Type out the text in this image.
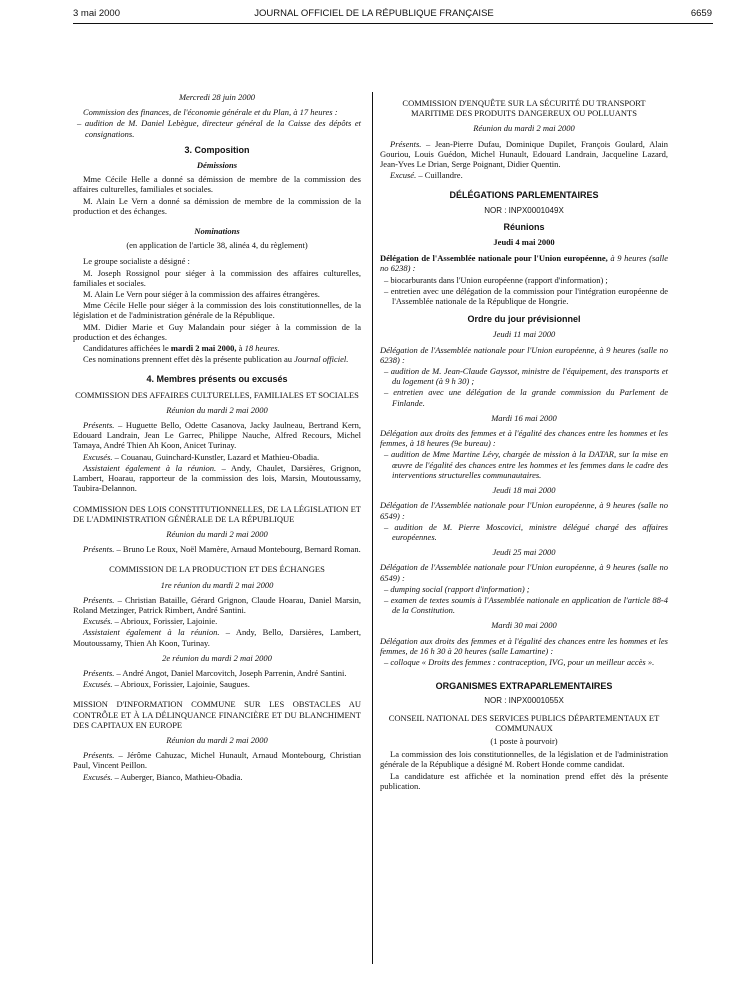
3 mai 2000	JOURNAL OFFICIEL DE LA RÉPUBLIQUE FRANÇAISE	6659
Mercredi 28 juin 2000

Commission des finances, de l'économie générale et du Plan, à 17 heures :

– audition de M. Daniel Lebègue, directeur général de la Caisse des dépôts et consignations.

3. Composition
Démissions

Mme Cécile Helle a donné sa démission de membre de la commission des affaires culturelles, familiales et sociales.

M. Alain Le Vern a donné sa démission de membre de la commission de la production et des échanges.

Nominations

(en application de l'article 38, alinéa 4, du règlement)

Le groupe socialiste a désigné :

M. Joseph Rossignol pour siéger à la commission des affaires culturelles, familiales et sociales.

M. Alain Le Vern pour siéger à la commission des affaires étrangères.

Mme Cécile Helle pour siéger à la commission des lois constitutionnelles, de la législation et de l'administration générale de la République.

MM. Didier Marie et Guy Malandain pour siéger à la commission de la production et des échanges.

Candidatures affichées le mardi 2 mai 2000, à 18 heures.

Ces nominations prennent effet dès la présente publication au Journal officiel.

4. Membres présents ou excusés

COMMISSION DES AFFAIRES CULTURELLES, FAMILIALES ET SOCIALES

Réunion du mardi 2 mai 2000

Présents. – Huguette Bello, Odette Casanova, Jacky Jaulneau, Bertrand Kern, Edouard Landrain, Jean Le Garrec, Philippe Nauche, Alfred Recours, Michel Tamaya, André Thien Ah Koon, Anicet Turinay.

Excusés. – Couanau, Guinchard-Kunstler, Lazard et Mathieu-Obadia.

Assistaient également à la réunion. – Andy, Chaulet, Darsières, Grignon, Lambert, Hoarau, rapporteur de la commission des lois, Marsin, Moutoussamy, Taubira-Delannon.

COMMISSION DES LOIS CONSTITUTIONNELLES, DE LA LÉGISLATION ET DE L'ADMINISTRATION GÉNÉRALE DE LA RÉPUBLIQUE

Réunion du mardi 2 mai 2000

Présents. – Bruno Le Roux, Noël Mamère, Arnaud Montebourg, Bernard Roman.

COMMISSION DE LA PRODUCTION ET DES ÉCHANGES

1re réunion du mardi 2 mai 2000

Présents. – Christian Bataille, Gérard Grignon, Claude Hoarau, Daniel Marsin, Roland Metzinger, Patrick Rimbert, André Santini.

Excusés. – Abrioux, Forissier, Lajoinie.

Assistaient également à la réunion. – Andy, Bello, Darsières, Lambert, Moutoussamy, Thien Ah Koon, Turinay.

2e réunion du mardi 2 mai 2000

Présents. – André Angot, Daniel Marcovitch, Joseph Parrenin, André Santini.

Excusés. – Abrioux, Forissier, Lajoinie, Saugues.

MISSION D'INFORMATION COMMUNE SUR LES OBSTACLES AU CONTRÔLE ET À LA DÉLINQUANCE FINANCIÈRE ET DU BLANCHIMENT DES CAPITAUX EN EUROPE

Réunion du mardi 2 mai 2000

Présents. – Jérôme Cahuzac, Michel Hunault, Arnaud Montebourg, Christian Paul, Vincent Peillon.

Excusés. – Auberger, Bianco, Mathieu-Obadia.

COMMISSION D'ENQUÊTE SUR LA SÉCURITÉ DU TRANSPORT MARITIME DES PRODUITS DANGEREUX OU POLLUANTS

Réunion du mardi 2 mai 2000

Présents. – Jean-Pierre Dufau, Dominique Dupilet, François Goulard, Alain Gouriou, Louis Guédon, Michel Hunault, Edouard Landrain, Jacqueline Lazard, Jean-Yves Le Drian, Serge Poignant, Didier Quentin.

Excusé. – Cuillandre.

DÉLÉGATIONS PARLEMENTAIRES

NOR : INPX0001049X

Réunions

Jeudi 4 mai 2000

Délégation de l'Assemblée nationale pour l'Union européenne, à 9 heures (salle no 6238) :

– biocarburants dans l'Union européenne (rapport d'information) ;

– entretien avec une délégation de la commission pour l'intégration européenne de l'Assemblée nationale de la République de Hongrie.

Ordre du jour prévisionnel
Jeudi 11 mai 2000

Délégation de l'Assemblée nationale pour l'Union européenne, à 9 heures (salle no 6238) :

– audition de M. Jean-Claude Gayssot, ministre de l'équipement, des transports et du logement (à 9 h 30) ;

– entretien avec une délégation de la grande commission du Parlement de Finlande.

Mardi 16 mai 2000

Délégation aux droits des femmes et à l'égalité des chances entre les hommes et les femmes, à 18 heures (9e bureau) :

– audition de Mme Martine Lévy, chargée de mission à la DATAR, sur la mise en œuvre de l'égalité des chances entre les hommes et les femmes dans le cadre des interventions structurelles communautaires.

Jeudi 18 mai 2000

Délégation de l'Assemblée nationale pour l'Union européenne, à 9 heures (salle no 6549) :

– audition de M. Pierre Moscovici, ministre délégué chargé des affaires européennes.

Jeudi 25 mai 2000

Délégation de l'Assemblée nationale pour l'Union européenne, à 9 heures (salle no 6549) :

– dumping social (rapport d'information) ;

– examen de textes soumis à l'Assemblée nationale en application de l'article 88-4 de la Constitution.

Mardi 30 mai 2000

Délégation aux droits des femmes et à l'égalité des chances entre les hommes et les femmes, de 16 h 30 à 20 heures (salle Lamartine) :

– colloque « Droits des femmes : contraception, IVG, pour un meilleur accès ».

ORGANISMES EXTRAPARLEMENTAIRES

NOR : INPX0001055X

CONSEIL NATIONAL DES SERVICES PUBLICS DÉPARTEMENTAUX ET COMMUNAUX

(1 poste à pourvoir)

La commission des lois constitutionnelles, de la législation et de l'administration générale de la République a désigné M. Robert Honde comme candidat.

La candidature est affichée et la nomination prend effet dès la présente publication.
